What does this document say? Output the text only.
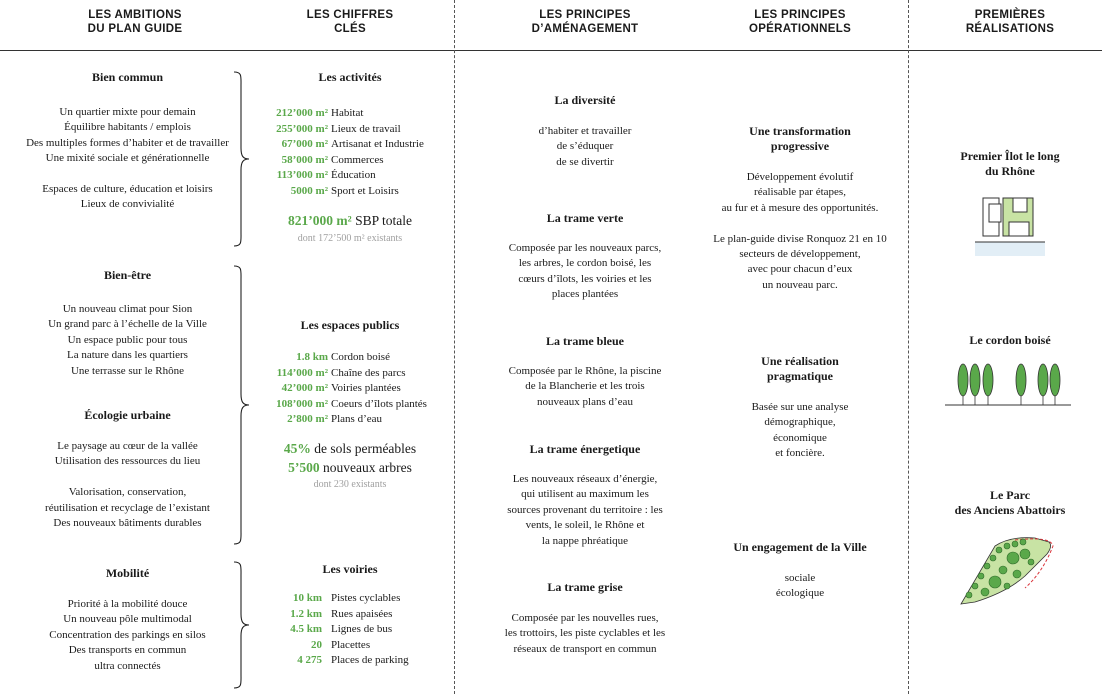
LES AMBITIONS
DU PLAN GUIDE
LES CHIFFRES
CLÉS
LES PRINCIPES
D’AMÉNAGEMENT
LES PRINCIPES
OPÉRATIONNELS
PREMIÈRES
RÉALISATIONS
Bien commun
Un quartier mixte pour demain
Équilibre habitants / emplois
Des multiples formes d’habiter et de travailler
Une mixité sociale et générationnelle
Espaces de culture, éducation et loisirs
Lieux de convivialité
Bien-être
Un nouveau climat pour Sion
Un grand parc à l’échelle de la Ville
Un espace public pour tous
La nature dans les quartiers
Une terrasse sur le Rhône
Écologie urbaine
Le paysage au cœur de la vallée
Utilisation des ressources du lieu
Valorisation, conservation,
réutilisation et recyclage de l’existant
Des nouveaux bâtiments durables
Mobilité
Priorité à la mobilité douce
Un nouveau pôle multimodal
Concentration des parkings en silos
Des transports en commun
ultra connectés
Les activités
212’000 m² Habitat
255’000 m² Lieux de travail
67’000 m² Artisanat et Industrie
58’000 m² Commerces
113’000 m² Éducation
5000 m² Sport et Loisirs
821’000 m² SBP totale
dont 172’500 m² existants
Les espaces publics
1.8 km Cordon boisé
114’000 m² Chaîne des parcs
42’000 m² Voiries plantées
108’000 m² Coeurs d’îlots plantés
2’800 m² Plans d’eau
45% de sols perméables
5’500 nouveaux arbres
dont 230 existants
Les voiries
10 km Pistes cyclables
1.2 km Rues apaisées
4.5 km Lignes de bus
20 Placettes
4 275 Places de parking
La diversité
d’habiter et travailler
de s’éduquer
de se divertir
La trame verte
Composée par les nouveaux parcs,
les arbres, le cordon boisé, les
cœurs d’îlots, les voiries et les
places plantées
La trame bleue
Composée par le Rhône, la piscine
de la Blancherie et les trois
nouveaux plans d’eau
La trame énergetique
Les nouveaux réseaux d’énergie,
qui utilisent au maximum les
sources provenant du territoire : les
vents, le soleil, le Rhône et
la nappe phréatique
La trame grise
Composée par les nouvelles rues,
les trottoirs, les piste cyclables et les
réseaux de transport en commun
Une transformation
progressive
Développement évolutif
réalisable par étapes,
au fur et à mesure des opportunités.
Le plan-guide divise Ronquoz 21 en 10
secteurs de développement,
avec pour chacun d’eux
un nouveau parc.
Une réalisation
pragmatique
Basée sur une analyse
démographique,
économique
et foncière.
Un engagement de la Ville
sociale
écologique
Premier Îlot le long
du Rhône
Le cordon boisé
Le Parc
des Anciens Abattoirs
